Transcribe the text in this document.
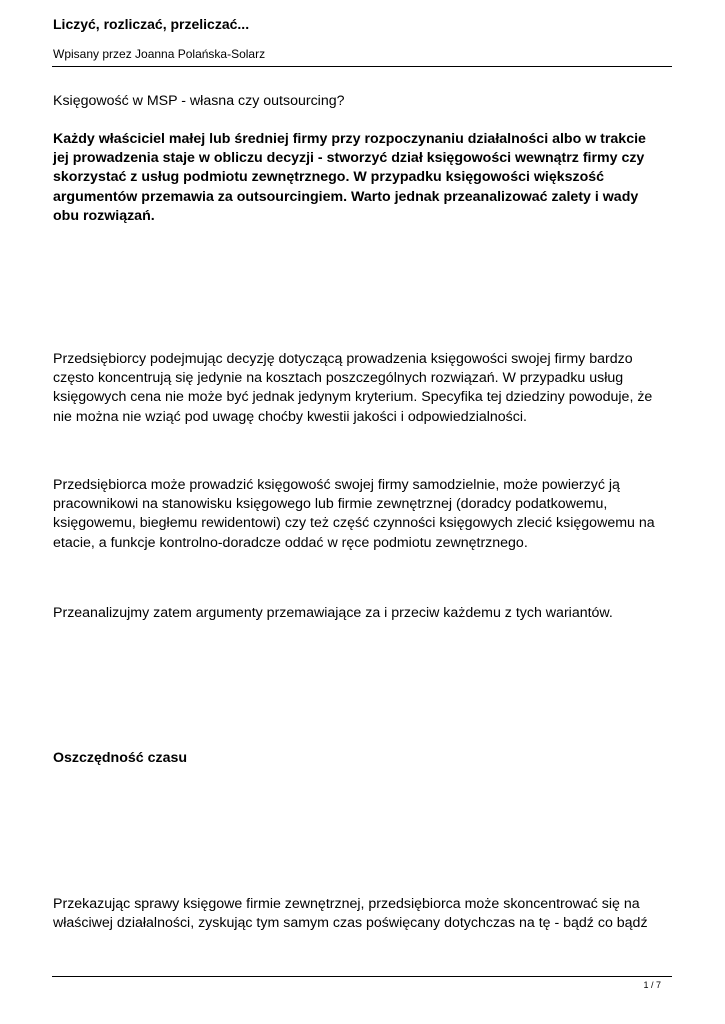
Liczyć, rozliczać, przeliczać...
Wpisany przez Joanna Polańska-Solarz

Księgowość w MSP - własna czy outsourcing?

Każdy właściciel małej lub średniej firmy przy rozpoczynaniu działalności albo w trakcie
jej prowadzenia staje w obliczu decyzji - stworzyć dział księgowości wewnątrz firmy czy
skorzystać z usług podmiotu zewnętrznego. W przypadku księgowości większość
argumentów przemawia za outsourcingiem. Warto jednak przeanalizować zalety i wady
obu rozwiązań.

Przedsiębiorcy podejmując decyzję dotyczącą prowadzenia księgowości swojej firmy bardzo
często koncentrują się jedynie na kosztach poszczególnych rozwiązań. W przypadku usług
księgowych cena nie może być jednak jedynym kryterium. Specyfika tej dziedziny powoduje, że
nie można nie wziąć pod uwagę choćby kwestii jakości i odpowiedzialności.

Przedsiębiorca może prowadzić księgowość swojej firmy samodzielnie, może powierzyć ją
pracownikowi na stanowisku księgowego lub firmie zewnętrznej (doradcy podatkowemu,
księgowemu, biegłemu rewidentowi) czy też część czynności księgowych zlecić księgowemu na
etacie, a funkcje kontrolno-doradcze oddać w ręce podmiotu zewnętrznego.

Przeanalizujmy zatem argumenty przemawiające za i przeciw każdemu z tych wariantów.

Oszczędność czasu

Przekazując sprawy księgowe firmie zewnętrznej, przedsiębiorca może skoncentrować się na
właściwej działalności, zyskując tym samym czas poświęcany dotychczas na tę - bądź co bądź

1 / 7
